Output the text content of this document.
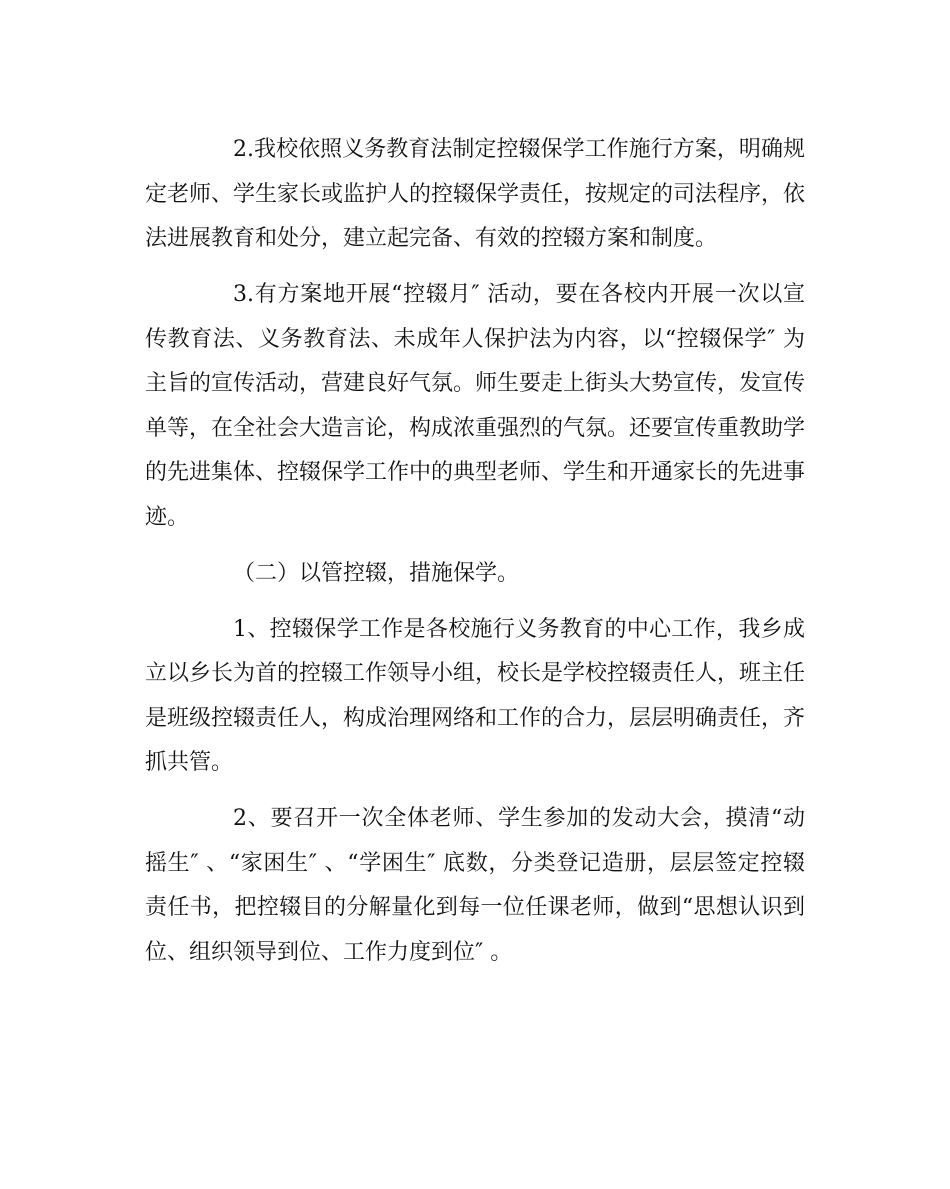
2.我校依照义务教育法制定控辍保学工作施行方案，明确规定老师、学生家长或监护人的控辍保学责任，按规定的司法程序，依法进展教育和处分，建立起完备、有效的控辍方案和制度。

3.有方案地开展“控辍月″ 活动，要在各校内开展一次以宣传教育法、义务教育法、未成年人保护法为内容，以“控辍保学″ 为主旨的宣传活动，营建良好气氛。师生要走上街头大势宣传，发宣传单等，在全社会大造言论，构成浓重强烈的气氛。还要宣传重教助学的先进集体、控辍保学工作中的典型老师、学生和开通家长的先进事迹。

（二）以管控辍，措施保学。

1、控辍保学工作是各校施行义务教育的中心工作，我乡成立以乡长为首的控辍工作领导小组，校长是学校控辍责任人，班主任是班级控辍责任人，构成治理网络和工作的合力，层层明确责任，齐抓共管。

2、要召开一次全体老师、学生参加的发动大会，摸清“动摇生″ 、“家困生″ 、“学困生″ 底数，分类登记造册，层层签定控辍责任书，把控辍目的分解量化到每一位任课老师，做到“思想认识到位、组织领导到位、工作力度到位″ 。
